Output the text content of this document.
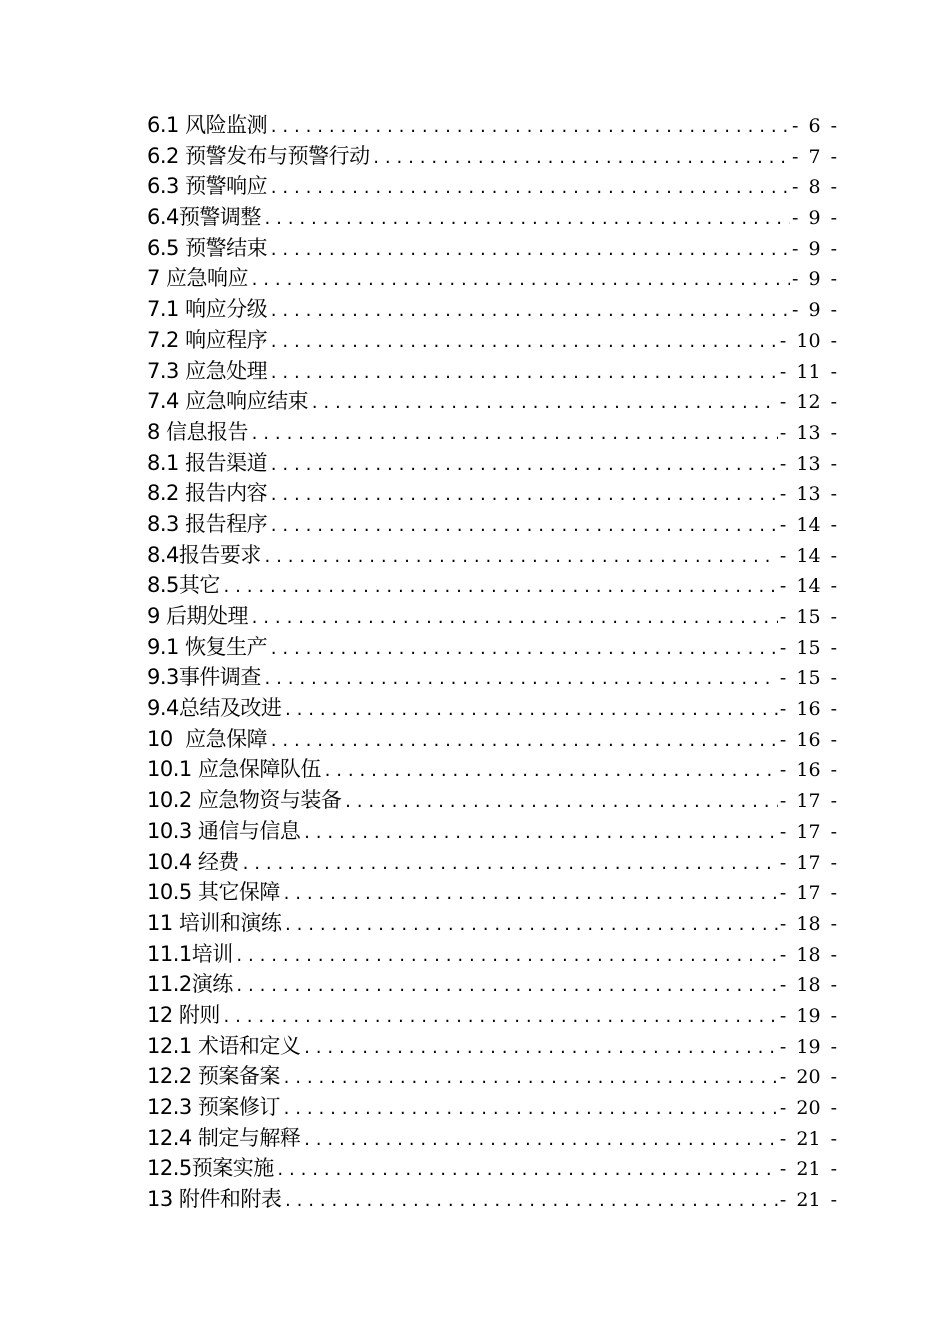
6.1 风险监测 .....	- 6 -
6.2 预警发布与预警行动 .....	- 7 -
6.3 预警响应 .....	- 8 -
6.4预警调整 .....	- 9 -
6.5 预警结束 .....	- 9 -
7 应急响应 .....	- 9 -
7.1 响应分级 .....	- 9 -
7.2 响应程序 .....	- 10 -
7.3 应急处理 .....	- 11 -
7.4 应急响应结束 .....	- 12 -
8 信息报告 .....	- 13 -
8.1 报告渠道 .....	- 13 -
8.2 报告内容 .....	- 13 -
8.3 报告程序 .....	- 14 -
8.4报告要求 .....	- 14 -
8.5其它 .....	- 14 -
9 后期处理 .....	- 15 -
9.1 恢复生产 .....	- 15 -
9.3事件调查 .....	- 15 -
9.4总结及改进 .....	- 16 -
10  应急保障 .....	- 16 -
10.1 应急保障队伍 .....	- 16 -
10.2 应急物资与装备 .....	- 17 -
10.3 通信与信息 .....	- 17 -
10.4 经费 .....	- 17 -
10.5 其它保障 .....	- 17 -
11 培训和演练 .....	- 18 -
11.1培训 .....	- 18 -
11.2演练 .....	- 18 -
12 附则 .....	- 19 -
12.1 术语和定义 .....	- 19 -
12.2 预案备案 .....	- 20 -
12.3 预案修订 .....	- 20 -
12.4 制定与解释 .....	- 21 -
12.5预案实施 .....	- 21 -
13 附件和附表 .....	- 21 -
